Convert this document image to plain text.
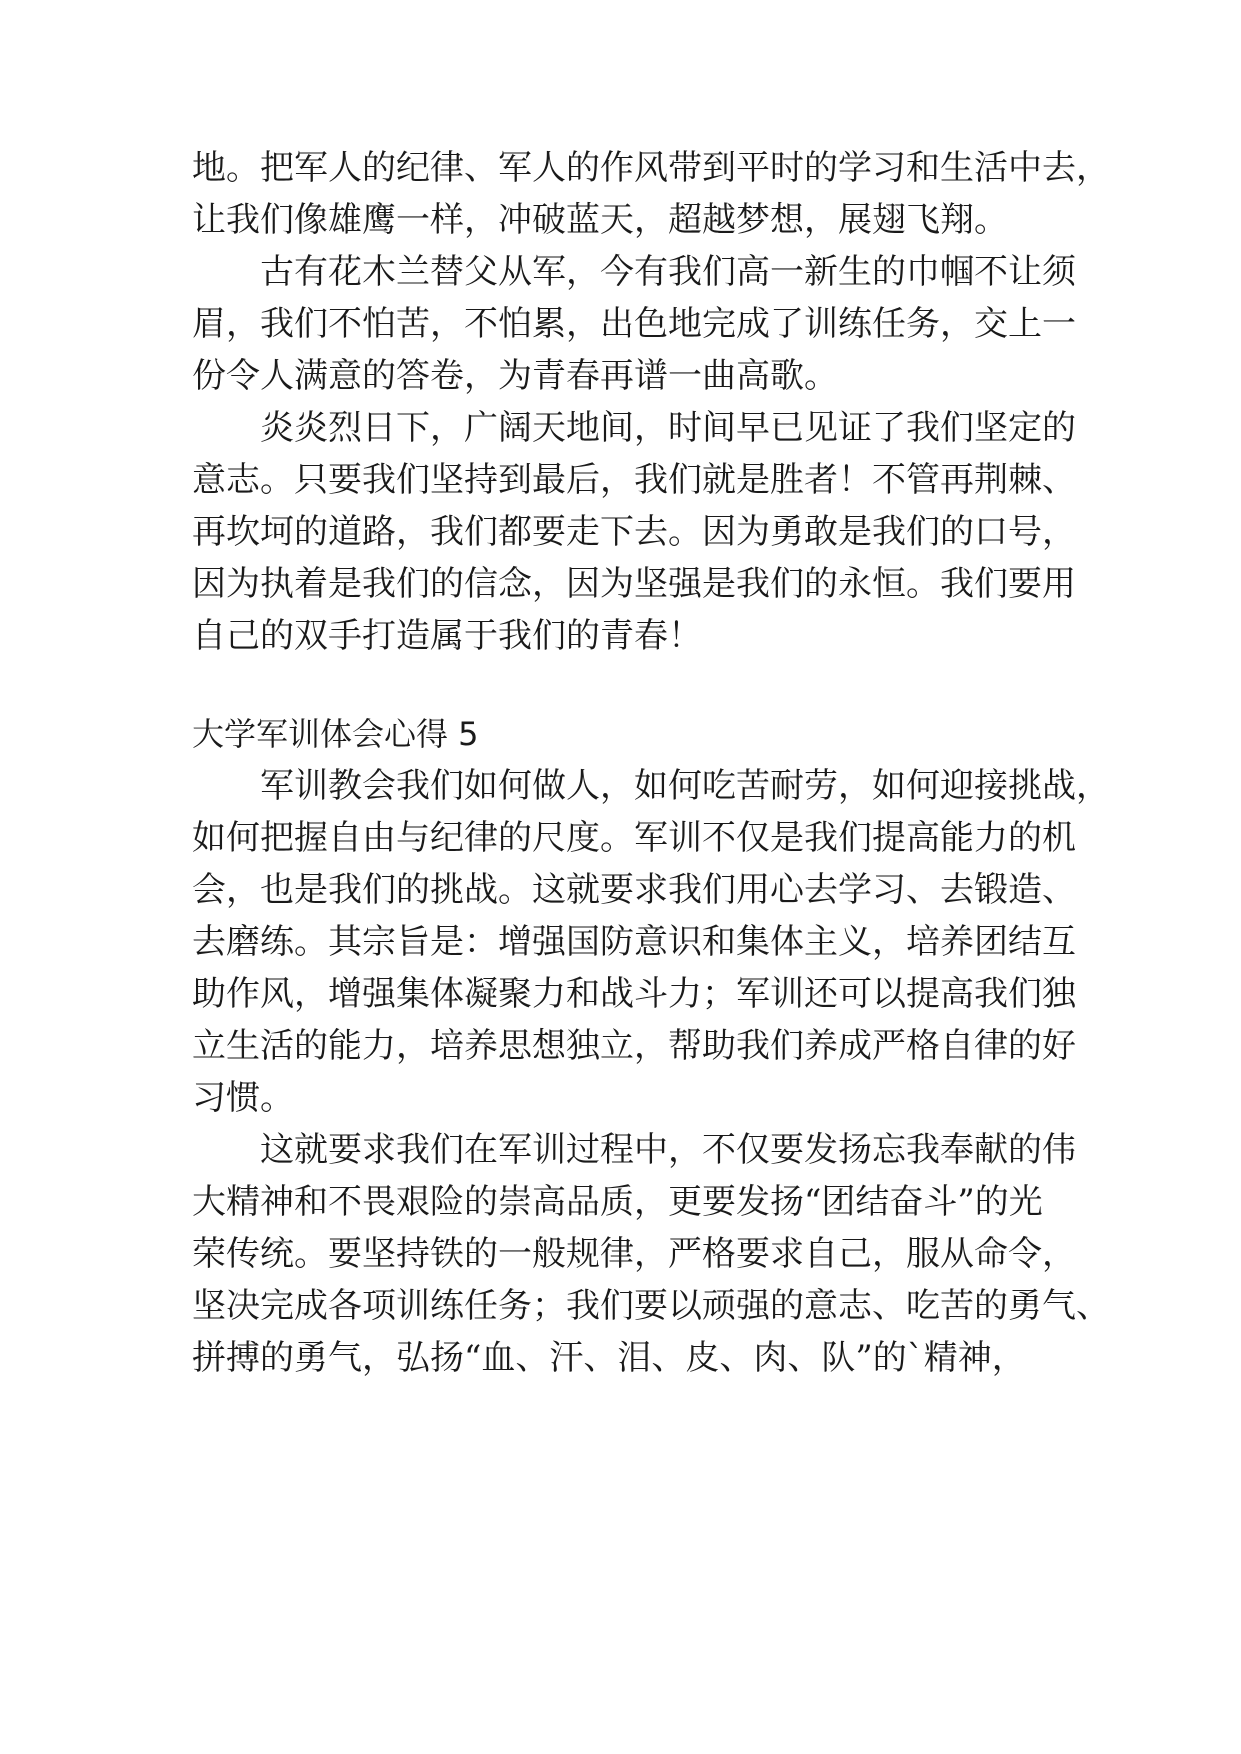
地。把军人的纪律、军人的作风带到平时的学习和生活中去，
让我们像雄鹰一样，冲破蓝天，超越梦想，展翅飞翔。
古有花木兰替父从军，今有我们高一新生的巾帼不让须
眉，我们不怕苦，不怕累，出色地完成了训练任务，交上一
份令人满意的答卷，为青春再谱一曲高歌。
炎炎烈日下，广阔天地间，时间早已见证了我们坚定的
意志。只要我们坚持到最后，我们就是胜者！不管再荆棘、
再坎坷的道路，我们都要走下去。因为勇敢是我们的口号，
因为执着是我们的信念，因为坚强是我们的永恒。我们要用
自己的双手打造属于我们的青春！
大学军训体会心得 5
军训教会我们如何做人，如何吃苦耐劳，如何迎接挑战，
如何把握自由与纪律的尺度。军训不仅是我们提高能力的机
会，也是我们的挑战。这就要求我们用心去学习、去锻造、
去磨练。其宗旨是：增强国防意识和集体主义，培养团结互
助作风，增强集体凝聚力和战斗力；军训还可以提高我们独
立生活的能力，培养思想独立，帮助我们养成严格自律的好
习惯。
这就要求我们在军训过程中，不仅要发扬忘我奉献的伟
大精神和不畏艰险的崇高品质，更要发扬“团结奋斗”的光
荣传统。要坚持铁的一般规律，严格要求自己，服从命令，
坚决完成各项训练任务；我们要以顽强的意志、吃苦的勇气、
拼搏的勇气，弘扬“血、汗、泪、皮、肉、队”的`精神，
